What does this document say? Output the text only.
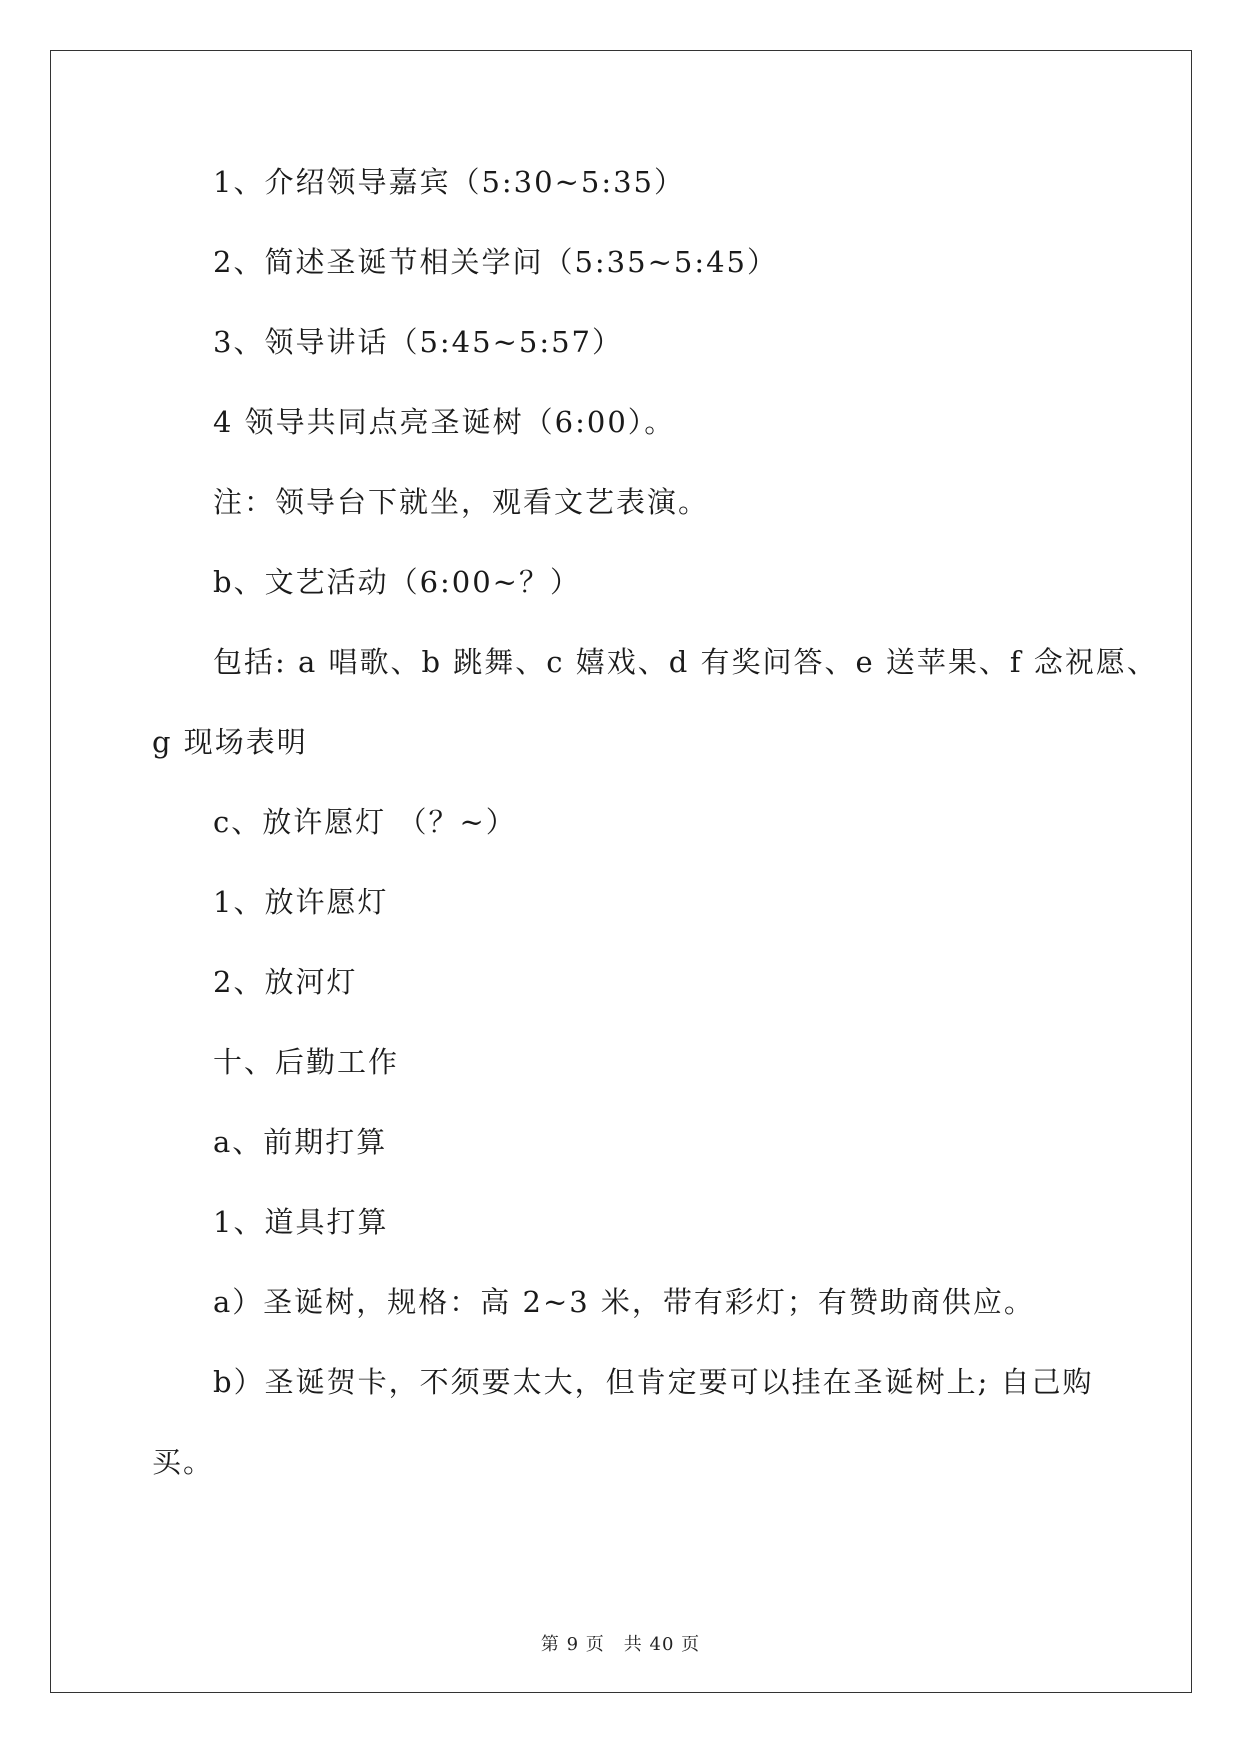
1、介绍领导嘉宾（5:30~5:35）
2、简述圣诞节相关学问（5:35~5:45）
3、领导讲话（5:45~5:57）
4 领导共同点亮圣诞树（6:00）。
注：领导台下就坐，观看文艺表演。
b、文艺活动（6:00~？）
包括: a 唱歌、b 跳舞、c 嬉戏、d 有奖问答、e 送苹果、f 念祝愿、
g 现场表明
c、放许愿灯 （？~）
1、放许愿灯
2、放河灯
十、后勤工作
a、前期打算
1、道具打算
a）圣诞树，规格：高 2~3 米，带有彩灯；有赞助商供应。
b）圣诞贺卡，不须要太大，但肯定要可以挂在圣诞树上; 自己购
买。
第 9 页　共 40 页
